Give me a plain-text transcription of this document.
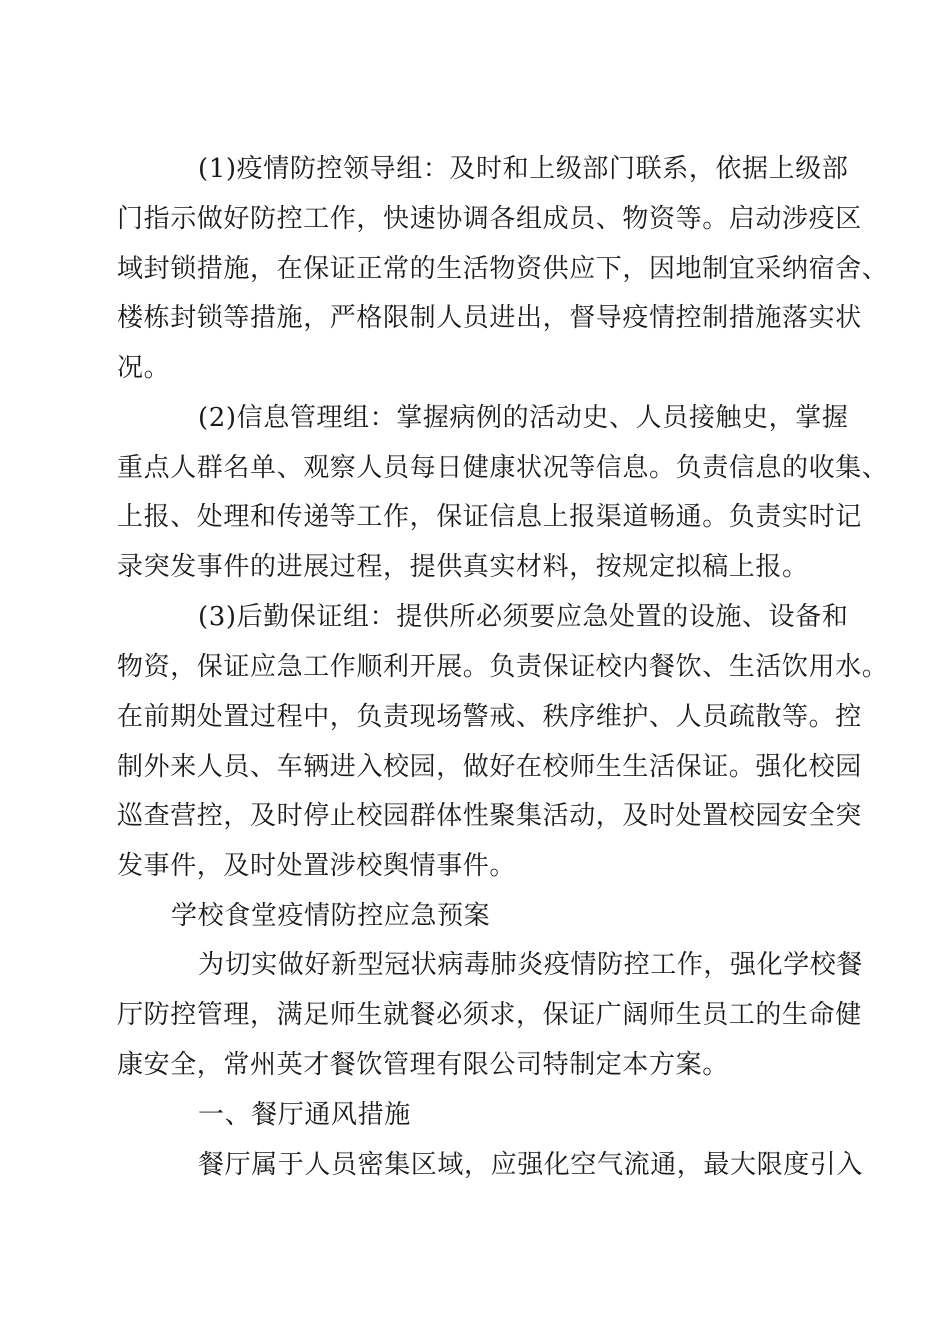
(1)疫情防控领导组：及时和上级部门联系，依据上级部
门指示做好防控工作，快速协调各组成员、物资等。启动涉疫区
域封锁措施，在保证正常的生活物资供应下，因地制宜采纳宿舍、
楼栋封锁等措施，严格限制人员进出，督导疫情控制措施落实状
况。
(2)信息管理组：掌握病例的活动史、人员接触史，掌握
重点人群名单、观察人员每日健康状况等信息。负责信息的收集、
上报、处理和传递等工作，保证信息上报渠道畅通。负责实时记
录突发事件的进展过程，提供真实材料，按规定拟稿上报。
(3)后勤保证组：提供所必须要应急处置的设施、设备和
物资，保证应急工作顺利开展。负责保证校内餐饮、生活饮用水。
在前期处置过程中，负责现场警戒、秩序维护、人员疏散等。控
制外来人员、车辆进入校园，做好在校师生生活保证。强化校园
巡查营控，及时停止校园群体性聚集活动，及时处置校园安全突
发事件，及时处置涉校舆情事件。
学校食堂疫情防控应急预案
为切实做好新型冠状病毒肺炎疫情防控工作，强化学校餐
厅防控管理，满足师生就餐必须求，保证广阔师生员工的生命健
康安全，常州英才餐饮管理有限公司特制定本方案。
一、餐厅通风措施
餐厅属于人员密集区域，应强化空气流通，最大限度引入
